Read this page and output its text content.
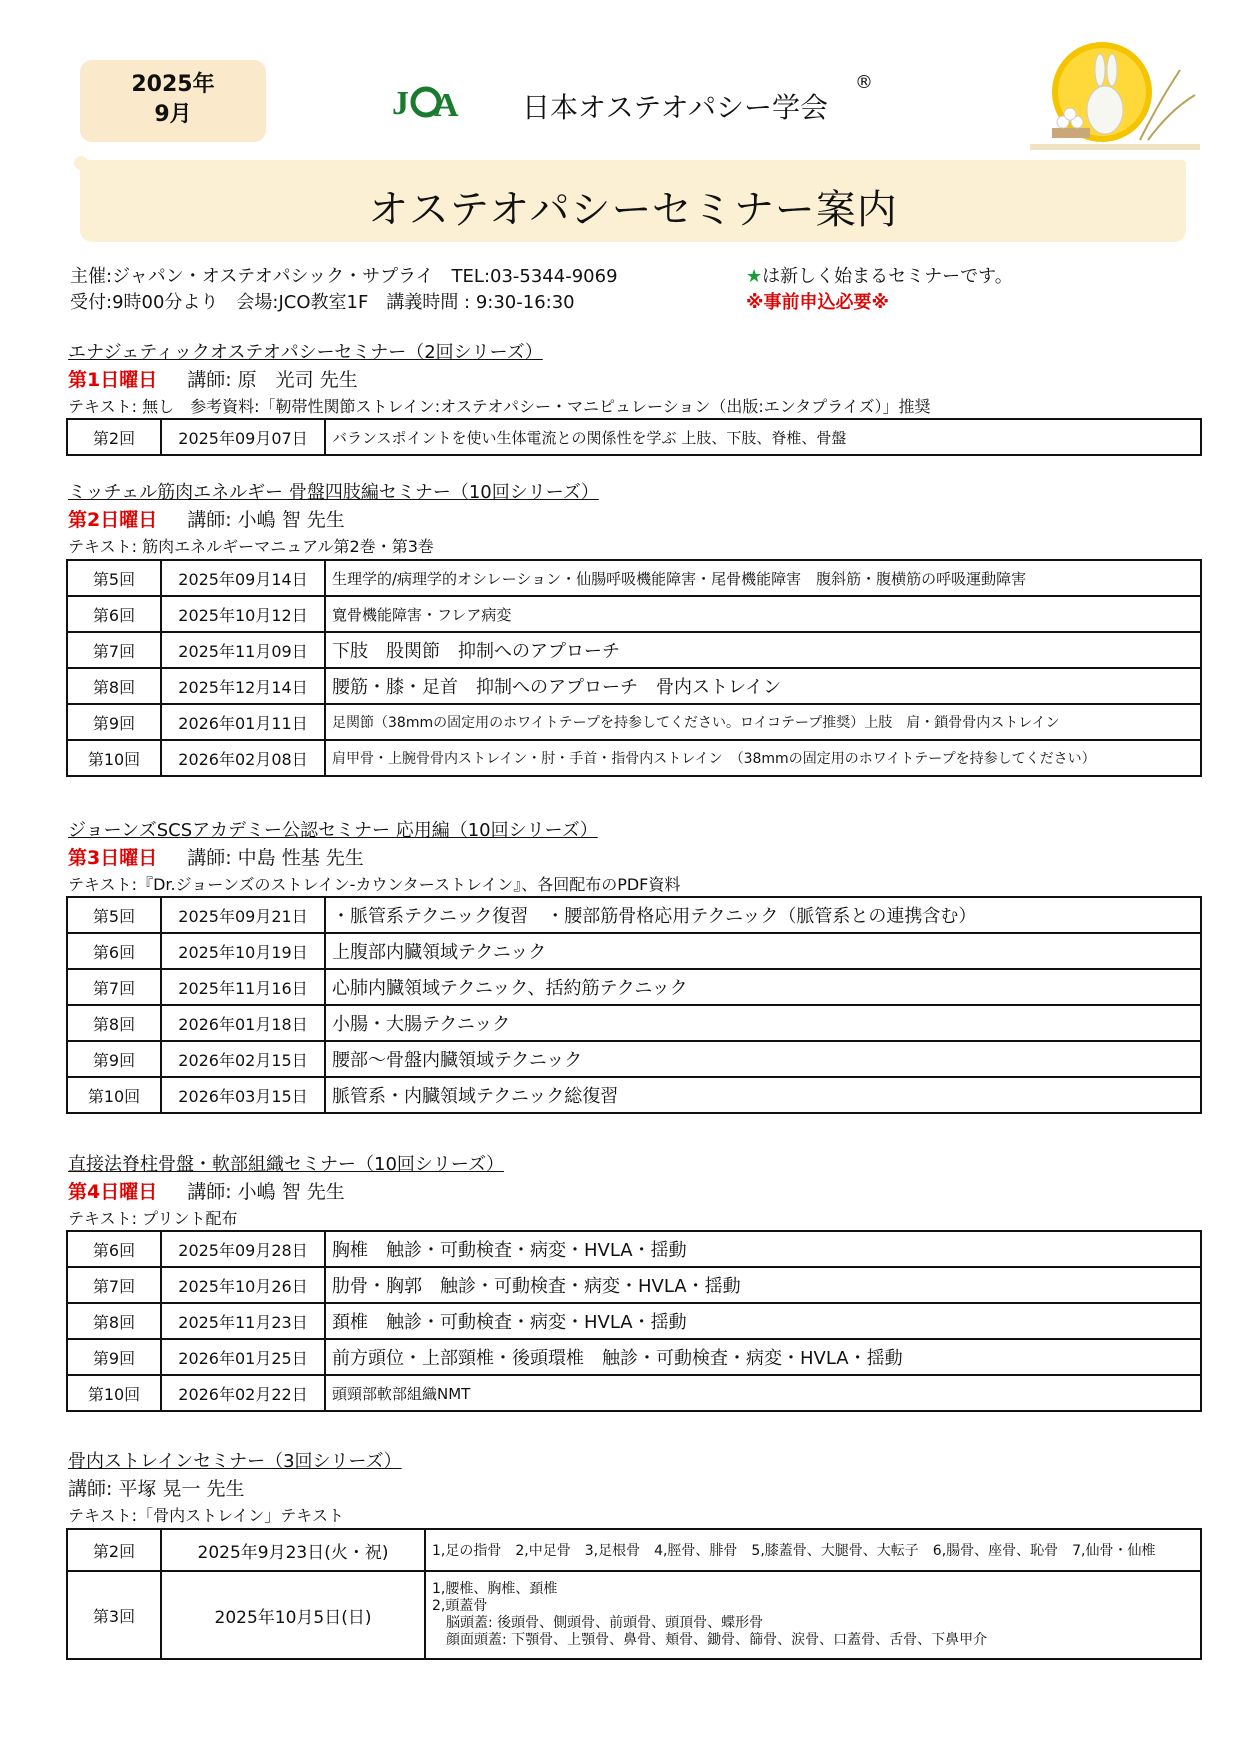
2025年
9月	J A 日本オステオパシー学会
®
オステオパシーセミナー案内
主催:ジャパン・オステオパシック・サプライ　TEL:03-5344-9069
受付:9時00分より　会場:JCO教室1F　講義時間 : 9:30-16:30
★は新しく始まるセミナーです。
※事前申込必要※
エナジェティックオステオパシーセミナー（2回シリーズ）
第1日曜日 講師: 原　光司 先生
テキスト: 無し　参考資料:「靭帯性関節ストレイン:オステオパシー・マニピュレーション（出版:エンタプライズ）」推奨
第2回	2025年09月07日	バランスポイントを使い生体電流との関係性を学ぶ 上肢、下肢、脊椎、骨盤
ミッチェル筋肉エネルギー 骨盤四肢編セミナー（10回シリーズ）
第2日曜日 講師: 小嶋 智 先生
テキスト: 筋肉エネルギーマニュアル第2巻・第3巻
第5回	2025年09月14日	生理学的/病理学的オシレーション・仙腸呼吸機能障害・尾骨機能障害　腹斜筋・腹横筋の呼吸運動障害
第6回	2025年10月12日	寛骨機能障害・フレア病変
第7回	2025年11月09日	下肢　股関節　抑制へのアプローチ
第8回	2025年12月14日	腰筋・膝・足首　抑制へのアプローチ　骨内ストレイン
第9回	2026年01月11日	足関節（38mmの固定用のホワイトテープを持参してください。ロイコテープ推奨）上肢　肩・鎖骨骨内ストレイン
第10回	2026年02月08日	肩甲骨・上腕骨骨内ストレイン・肘・手首・指骨内ストレイン　（38mmの固定用のホワイトテープを持参してください）
ジョーンズSCSアカデミー公認セミナー 応用編（10回シリーズ）
第3日曜日 講師: 中島 性基 先生
テキスト:『Dr.ジョーンズのストレイン-カウンターストレイン』、各回配布のPDF資料
第5回	2025年09月21日	・脈管系テクニック復習　・腰部筋骨格応用テクニック（脈管系との連携含む）
第6回	2025年10月19日	上腹部内臓領域テクニック
第7回	2025年11月16日	心肺内臓領域テクニック、括約筋テクニック
第8回	2026年01月18日	小腸・大腸テクニック
第9回	2026年02月15日	腰部～骨盤内臓領域テクニック
第10回	2026年03月15日	脈管系・内臓領域テクニック総復習
直接法脊柱骨盤・軟部組織セミナー（10回シリーズ）
第4日曜日 講師: 小嶋 智 先生
テキスト: プリント配布
第6回	2025年09月28日	胸椎　触診・可動検査・病変・HVLA・揺動
第7回	2025年10月26日	肋骨・胸郭　触診・可動検査・病変・HVLA・揺動
第8回	2025年11月23日	頚椎　触診・可動検査・病変・HVLA・揺動
第9回	2026年01月25日	前方頭位・上部頸椎・後頭環椎　触診・可動検査・病変・HVLA・揺動
第10回	2026年02月22日	頭頸部軟部組織NMT
骨内ストレインセミナー（3回シリーズ）
講師: 平塚 晃一 先生
テキスト:「骨内ストレイン」テキスト
第2回	2025年9月23日(火・祝)	1,足の指骨　2,中足骨　3,足根骨　4,脛骨、腓骨　5,膝蓋骨、大腿骨、大転子　6,腸骨、座骨、恥骨　7,仙骨・仙椎
第3回	2025年10月5日(日)	1,腰椎、胸椎、頚椎
2,頭蓋骨
　脳頭蓋: 後頭骨、側頭骨、前頭骨、頭頂骨、蝶形骨
　顔面頭蓋: 下顎骨、上顎骨、鼻骨、頬骨、鋤骨、篩骨、涙骨、口蓋骨、舌骨、下鼻甲介
